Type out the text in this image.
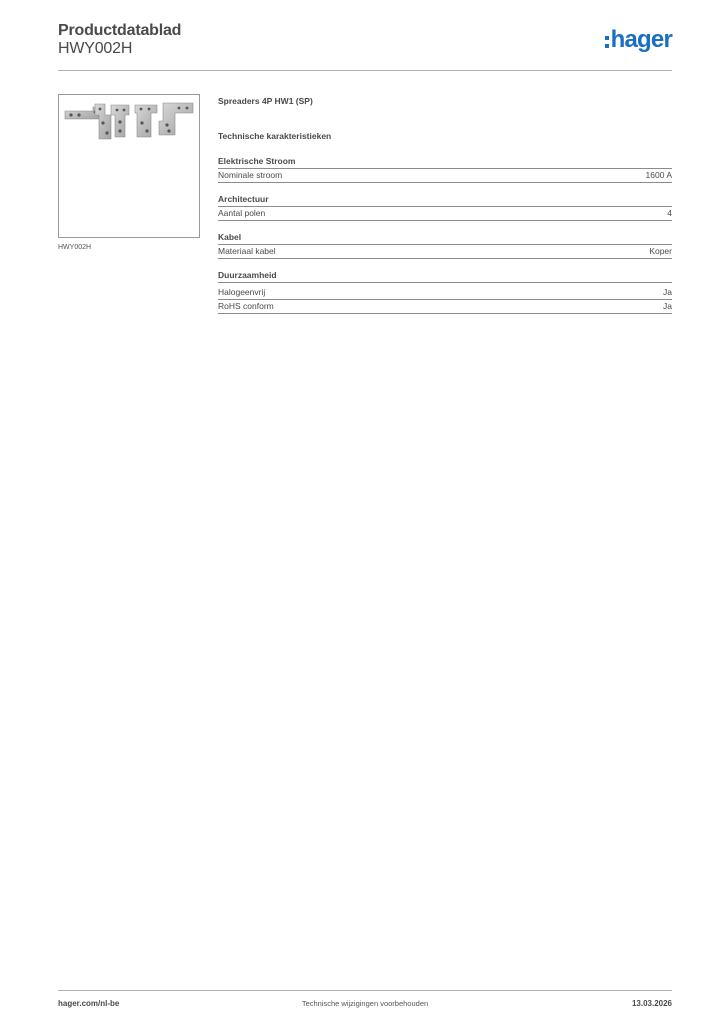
Productdatablad
HWY002H	hager
HWY002H
Spreaders 4P HW1 (SP)
Technische karakteristieken
Elektrische Stroom
Nominale stroom	1600 A
Architectuur
Aantal polen	4
Kabel
Materiaal kabel	Koper
Duurzaamheid
Halogeenvrij	Ja
RoHS conform	Ja
hager.com/nl-be	Technische wijzigingen voorbehouden	13.03.2026
